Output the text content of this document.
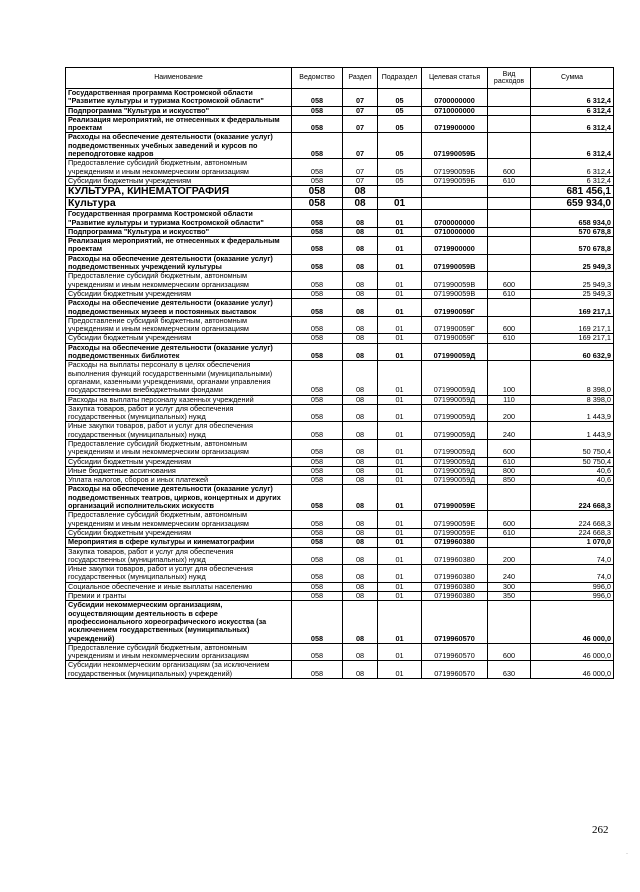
Наименование	Ведомство	Раздел	Подраздел	Целевая статья	Вид расходов	Сумма
Государственная программа Костромской области "Развитие культуры и туризма Костромской области"	058	07	05	0700000000		6 312,4
Подпрограмма "Культура и искусство"	058	07	05	0710000000		6 312,4
Реализация мероприятий, не отнесенных к федеральным проектам	058	07	05	0719900000		6 312,4
Расходы на обеспечение деятельности (оказание услуг) подведомственных учебных заведений и курсов по переподготовке кадров	058	07	05	071990059Б		6 312,4
Предоставление субсидий бюджетным, автономным учреждениям и иным некоммерческим организациям	058	07	05	071990059Б	600	6 312,4
Субсидии бюджетным учреждениям	058	07	05	071990059Б	610	6 312,4
КУЛЬТУРА, КИНЕМАТОГРАФИЯ	058	08				681 456,1
Культура	058	08	01			659 934,0
Государственная программа Костромской области "Развитие культуры и туризма Костромской области"	058	08	01	0700000000		658 934,0
Подпрограмма "Культура и искусство"	058	08	01	0710000000		570 678,8
Реализация мероприятий, не отнесенных к федеральным проектам	058	08	01	0719900000		570 678,8
Расходы на обеспечение деятельности (оказание услуг) подведомственных учреждений культуры	058	08	01	071990059В		25 949,3
Предоставление субсидий бюджетным, автономным учреждениям и иным некоммерческим организациям	058	08	01	071990059В	600	25 949,3
Субсидии бюджетным учреждениям	058	08	01	071990059В	610	25 949,3
Расходы на обеспечение деятельности (оказание услуг) подведомственных музеев и постоянных выставок	058	08	01	071990059Г		169 217,1
Предоставление субсидий бюджетным, автономным учреждениям и иным некоммерческим организациям	058	08	01	071990059Г	600	169 217,1
Субсидии бюджетным учреждениям	058	08	01	071990059Г	610	169 217,1
Расходы на обеспечение деятельности (оказание услуг) подведомственных библиотек	058	08	01	071990059Д		60 632,9
Расходы на выплаты персоналу в целях обеспечения выполнения функций государственными (муниципальными) органами, казенными учреждениями, органами управления государственными внебюджетными фондами	058	08	01	071990059Д	100	8 398,0
Расходы на выплаты персоналу казенных учреждений	058	08	01	071990059Д	110	8 398,0
Закупка товаров, работ и услуг для обеспечения государственных (муниципальных) нужд	058	08	01	071990059Д	200	1 443,9
Иные закупки товаров, работ и услуг для обеспечения государственных (муниципальных) нужд	058	08	01	071990059Д	240	1 443,9
Предоставление субсидий бюджетным, автономным учреждениям и иным некоммерческим организациям	058	08	01	071990059Д	600	50 750,4
Субсидии бюджетным учреждениям	058	08	01	071990059Д	610	50 750,4
Иные бюджетные ассигнования	058	08	01	071990059Д	800	40,6
Уплата налогов, сборов и иных платежей	058	08	01	071990059Д	850	40,6
Расходы на обеспечение деятельности (оказание услуг) подведомственных театров, цирков, концертных и других организаций исполнительских искусств	058	08	01	071990059Е		224 668,3
Предоставление субсидий бюджетным, автономным учреждениям и иным некоммерческим организациям	058	08	01	071990059Е	600	224 668,3
Субсидии бюджетным учреждениям	058	08	01	071990059Е	610	224 668,3
Мероприятия в сфере культуры и кинематографии	058	08	01	0719960380		1 070,0
Закупка товаров, работ и услуг для обеспечения государственных (муниципальных) нужд	058	08	01	0719960380	200	74,0
Иные закупки товаров, работ и услуг для обеспечения государственных (муниципальных) нужд	058	08	01	0719960380	240	74,0
Социальное обеспечение и иные выплаты населению	058	08	01	0719960380	300	996,0
Премии и гранты	058	08	01	0719960380	350	996,0
Субсидии некоммерческим организациям, осуществляющим деятельность в сфере профессионального хореографического искусства (за исключением государственных (муниципальных) учреждений)	058	08	01	0719960570		46 000,0
Предоставление субсидий бюджетным, автономным учреждениям и иным некоммерческим организациям	058	08	01	0719960570	600	46 000,0
Субсидии некоммерческим организациям (за исключением государственных (муниципальных) учреждений)	058	08	01	0719960570	630	46 000,0
262
·
